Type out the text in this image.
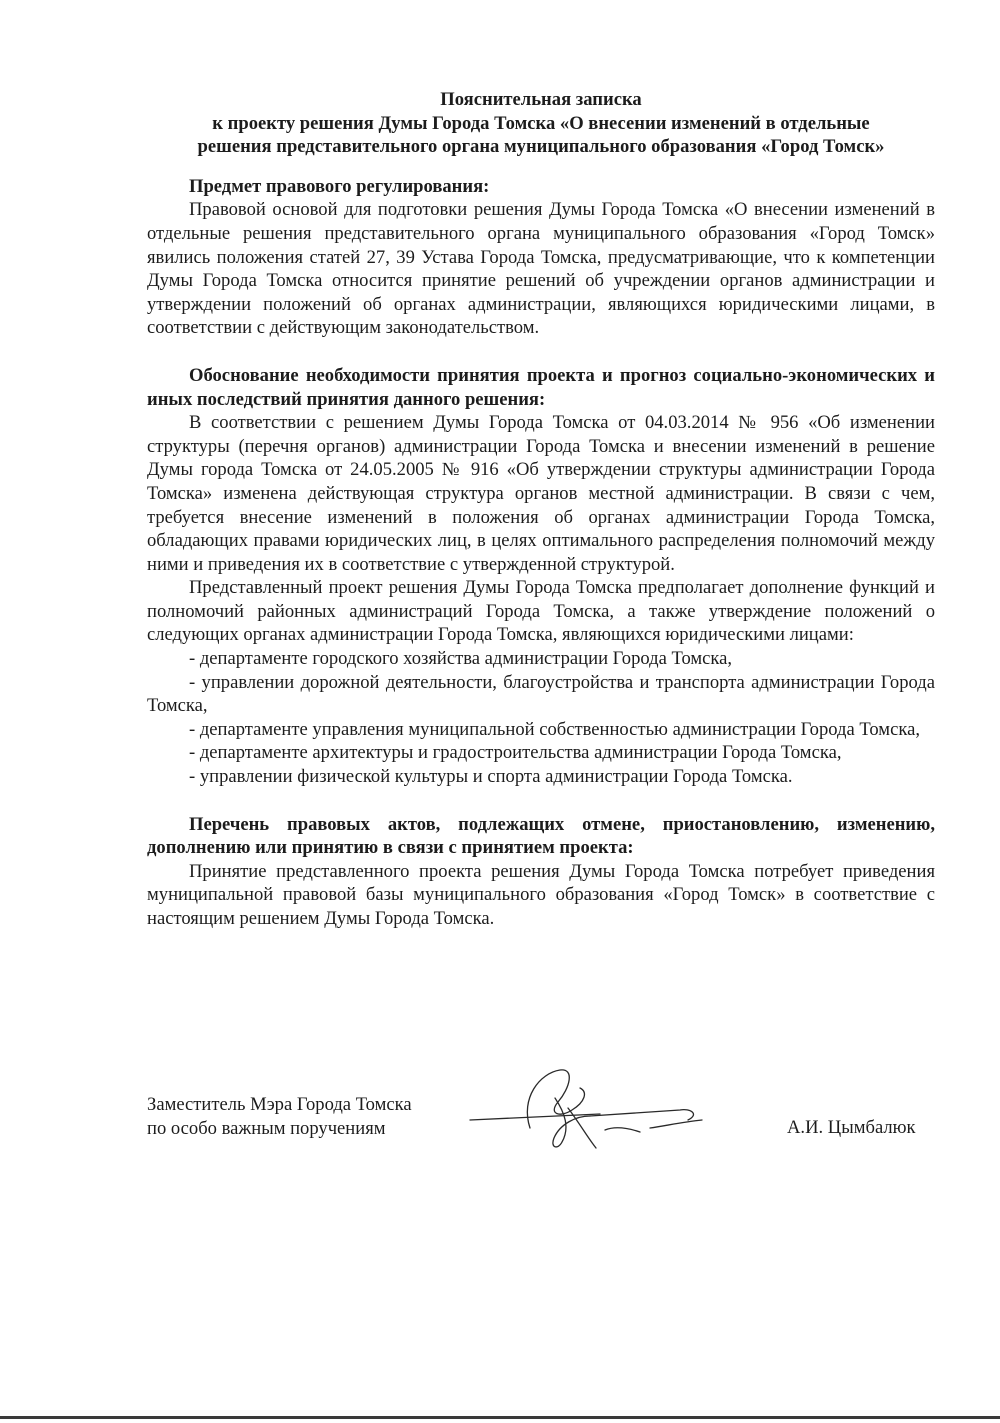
Пояснительная записка

к проекту решения Думы Города Томска «О внесении изменений в отдельные

решения представительного органа муниципального образования «Город Томск»

Предмет правового регулирования:

Правовой основой для подготовки решения Думы Города Томска «О внесении изменений в отдельные решения представительного органа муниципального образования «Город Томск» явились положения статей 27, 39 Устава Города Томска, предусматривающие, что к компетенции Думы Города Томска относится принятие решений об учреждении органов администрации и утверждении положений об органах администрации, являющихся юридическими лицами, в соответствии с действующим законодательством.

Обоснование необходимости принятия проекта и прогноз социально-экономических и иных последствий принятия данного решения:

В соответствии с решением Думы Города Томска от 04.03.2014 № 956 «Об изменении структуры (перечня органов) администрации Города Томска и внесении изменений в решение Думы города Томска от 24.05.2005 № 916 «Об утверждении структуры администрации Города Томска» изменена действующая структура органов местной администрации. В связи с чем, требуется внесение изменений в положения об органах администрации Города Томска, обладающих правами юридических лиц, в целях оптимального распределения полномочий между ними и приведения их в соответствие с утвержденной структурой.

Представленный проект решения Думы Города Томска предполагает дополнение функций и полномочий районных администраций Города Томска, а также утверждение положений о следующих органах администрации Города Томска, являющихся юридическими лицами:

- департаменте городского хозяйства администрации Города Томска,

- управлении дорожной деятельности, благоустройства и транспорта администрации Города Томска,

- департаменте управления муниципальной собственностью администрации Города Томска,

- департаменте архитектуры и градостроительства администрации Города Томска,

- управлении физической культуры и спорта администрации Города Томска.

Перечень правовых актов, подлежащих отмене, приостановлению, изменению, дополнению или принятию в связи с принятием проекта:

Принятие представленного проекта решения Думы Города Томска потребует приведения муниципальной правовой базы муниципального образования «Город Томск» в соответствие с настоящим решением Думы Города Томска.

Заместитель Мэра Города Томска
по особо важным поручениям	А.И. Цымбалюк
